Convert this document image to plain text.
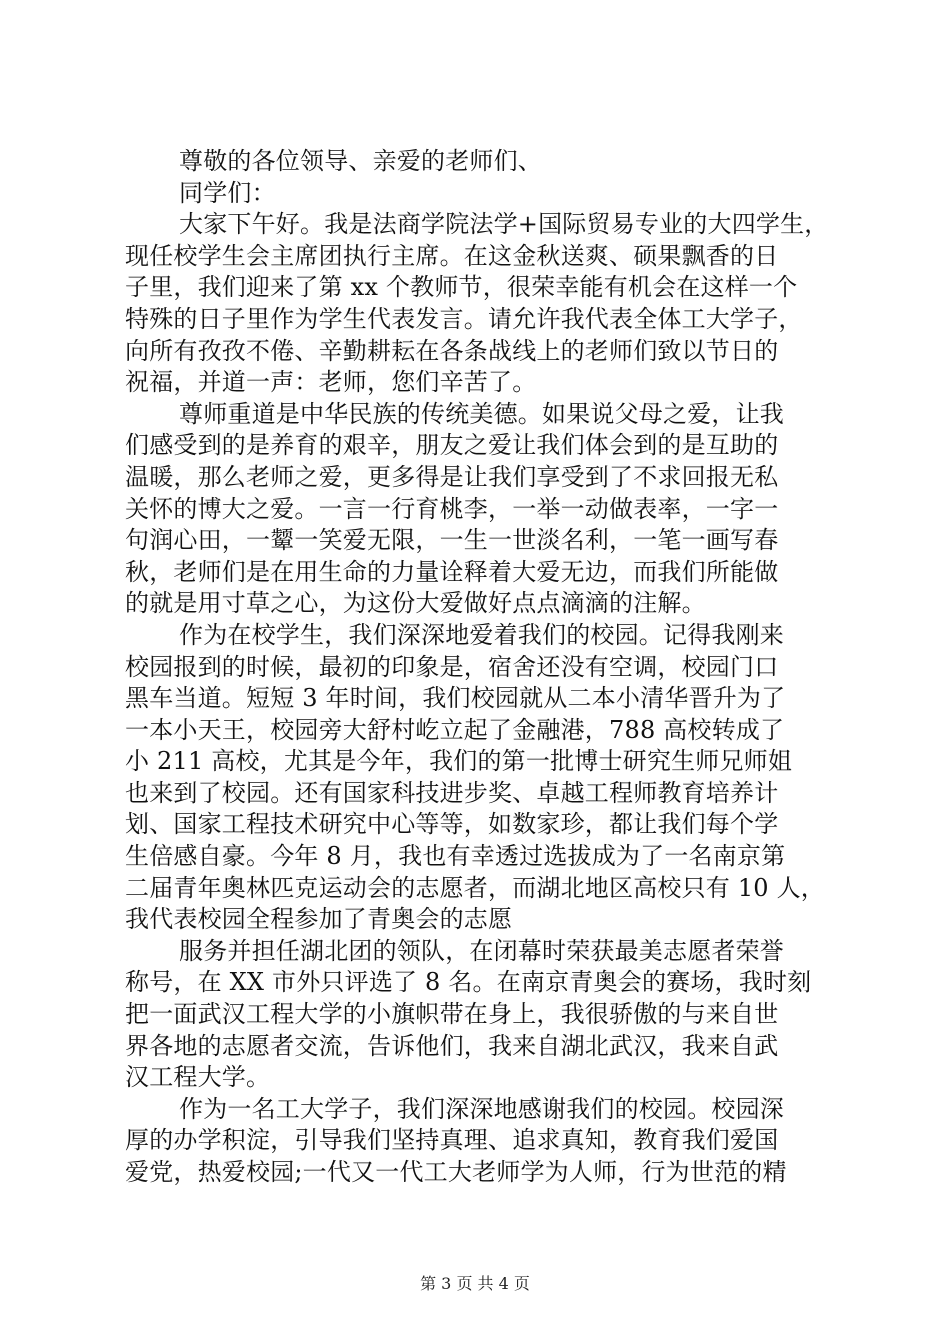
尊敬的各位领导、亲爱的老师们、
同学们：
大家下午好。我是法商学院法学+国际贸易专业的大四学生，
现任校学生会主席团执行主席。在这金秋送爽、硕果飘香的日
子里，我们迎来了第 xx 个教师节，很荣幸能有机会在这样一个
特殊的日子里作为学生代表发言。请允许我代表全体工大学子，
向所有孜孜不倦、辛勤耕耘在各条战线上的老师们致以节日的
祝福，并道一声：老师，您们辛苦了。
尊师重道是中华民族的传统美德。如果说父母之爱，让我
们感受到的是养育的艰辛，朋友之爱让我们体会到的是互助的
温暖，那么老师之爱，更多得是让我们享受到了不求回报无私
关怀的博大之爱。一言一行育桃李，一举一动做表率，一字一
句润心田，一颦一笑爱无限，一生一世淡名利，一笔一画写春
秋，老师们是在用生命的力量诠释着大爱无边，而我们所能做
的就是用寸草之心，为这份大爱做好点点滴滴的注解。
作为在校学生，我们深深地爱着我们的校园。记得我刚来
校园报到的时候，最初的印象是，宿舍还没有空调，校园门口
黑车当道。短短 3 年时间，我们校园就从二本小清华晋升为了
一本小天王，校园旁大舒村屹立起了金融港，788 高校转成了
小 211 高校，尤其是今年，我们的第一批博士研究生师兄师姐
也来到了校园。还有国家科技进步奖、卓越工程师教育培养计
划、国家工程技术研究中心等等，如数家珍，都让我们每个学
生倍感自豪。今年 8 月，我也有幸透过选拔成为了一名南京第
二届青年奥林匹克运动会的志愿者，而湖北地区高校只有 10 人，
我代表校园全程参加了青奥会的志愿
服务并担任湖北团的领队，在闭幕时荣获最美志愿者荣誉
称号，在 XX 市外只评选了 8 名。在南京青奥会的赛场，我时刻
把一面武汉工程大学的小旗帜带在身上，我很骄傲的与来自世
界各地的志愿者交流，告诉他们，我来自湖北武汉，我来自武
汉工程大学。
作为一名工大学子，我们深深地感谢我们的校园。校园深
厚的办学积淀，引导我们坚持真理、追求真知，教育我们爱国
爱党，热爱校园;一代又一代工大老师学为人师，行为世范的精
第 3 页 共 4 页
